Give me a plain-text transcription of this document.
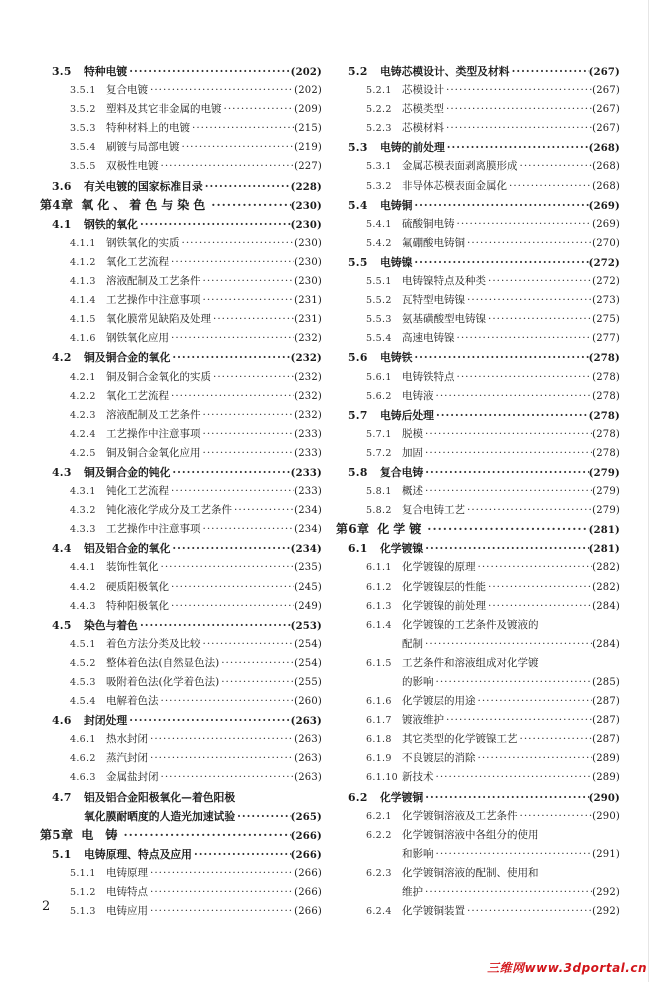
3.5	特种电镀 ·····	(202)
3.5.1 复合电镀 ·····	(202)
3.5.2 塑料及其它非金属的电镀 ·····	(209)
3.5.3 特种材料上的电镀 ·····	(215)
3.5.4 刷镀与局部电镀 ·····	(219)
3.5.5 双极性电镀 ·····	(227)
3.6	有关电镀的国家标准目录 ·····	(228)
第4章 氧化、着色与染色 ·····	(230)
4.1	钢铁的氧化 ·····	(230)
4.1.1 钢铁氧化的实质 ·····	(230)
4.1.2 氧化工艺流程 ·····	(230)
4.1.3 溶液配制及工艺条件 ·····	(230)
4.1.4 工艺操作中注意事项 ·····	(231)
4.1.5 氧化膜常见缺陷及处理 ·····	(231)
4.1.6 钢铁氧化应用 ·····	(232)
4.2	铜及铜合金的氧化 ·····	(232)
4.2.1 铜及铜合金氧化的实质 ·····	(232)
4.2.2 氧化工艺流程 ·····	(232)
4.2.3 溶液配制及工艺条件 ·····	(232)
4.2.4 工艺操作中注意事项 ·····	(233)
4.2.5 铜及铜合金氧化应用 ·····	(233)
4.3	铜及铜合金的钝化 ·····	(233)
4.3.1 钝化工艺流程 ·····	(233)
4.3.2 钝化液化学成分及工艺条件 ·····	(234)
4.3.3 工艺操作中注意事项 ·····	(234)
4.4	铝及铝合金的氧化 ·····	(234)
4.4.1 装饰性氧化 ·····	(235)
4.4.2 硬质阳极氧化 ·····	(245)
4.4.3 特种阳极氧化 ·····	(249)
4.5	染色与着色 ·····	(253)
4.5.1 着色方法分类及比较 ·····	(254)
4.5.2 整体着色法(自然显色法) ·····	(254)
4.5.3 吸附着色法(化学着色法) ·····	(255)
4.5.4 电解着色法 ·····	(260)
4.6	封闭处理 ·····	(263)
4.6.1 热水封闭 ·····	(263)
4.6.2 蒸汽封闭 ·····	(263)
4.6.3 金属盐封闭 ·····	(263)
4.7	铝及铝合金阳极氧化—着色阳极
氧化膜耐晒度的人造光加速试验 ·····	(265)
第5章 电 铸 ·····	(266)
5.1	电铸原理、特点及应用 ·····	(266)
5.1.1 电铸原理 ·····	(266)
5.1.2 电铸特点 ·····	(266)
5.1.3 电铸应用 ·····	(266)
5.2	电铸芯模设计、类型及材料 ·····	(267)
5.2.1 芯模设计 ·····	(267)
5.2.2 芯模类型 ·····	(267)
5.2.3 芯模材料 ·····	(267)
5.3	电铸的前处理 ·····	(268)
5.3.1 金属芯模表面剥离膜形成 ·····	(268)
5.3.2 非导体芯模表面金属化 ·····	(268)
5.4	电铸铜 ·····	(269)
5.4.1 硫酸铜电铸 ·····	(269)
5.4.2 氟硼酸电铸铜 ·····	(270)
5.5	电铸镍 ·····	(272)
5.5.1 电铸镍特点及种类 ·····	(272)
5.5.2 瓦特型电铸镍 ·····	(273)
5.5.3 氨基磺酸型电铸镍 ·····	(275)
5.5.4 高速电铸镍 ·····	(277)
5.6	电铸铁 ·····	(278)
5.6.1 电铸铁特点 ·····	(278)
5.6.2 电铸液 ·····	(278)
5.7	电铸后处理 ·····	(278)
5.7.1 脱模 ·····	(278)
5.7.2 加固 ·····	(278)
5.8	复合电铸 ·····	(279)
5.8.1 概述 ·····	(279)
5.8.2 复合电铸工艺 ·····	(279)
第6章 化学镀 ·····	(281)
6.1	化学镀镍 ·····	(281)
6.1.1 化学镀镍的原理 ·····	(282)
6.1.2 化学镀镍层的性能 ·····	(282)
6.1.3 化学镀镍的前处理 ·····	(284)
6.1.4 化学镀镍的工艺条件及镀液的
配制 ·····	(284)
6.1.5 工艺条件和溶液组成对化学镀
的影响 ·····	(285)
6.1.6 化学镀层的用途 ·····	(287)
6.1.7 镀液维护 ·····	(287)
6.1.8 其它类型的化学镀镍工艺 ·····	(287)
6.1.9 不良镀层的消除 ·····	(289)
6.1.10 新技术 ·····	(289)
6.2	化学镀铜 ·····	(290)
6.2.1 化学镀铜溶液及工艺条件 ·····	(290)
6.2.2 化学镀铜溶液中各组分的使用
和影响 ·····	(291)
6.2.3 化学镀铜溶液的配制、使用和
维护 ·····	(292)
6.2.4 化学镀铜装置 ·····	(292)
2
三维网www.3dportal.cn
